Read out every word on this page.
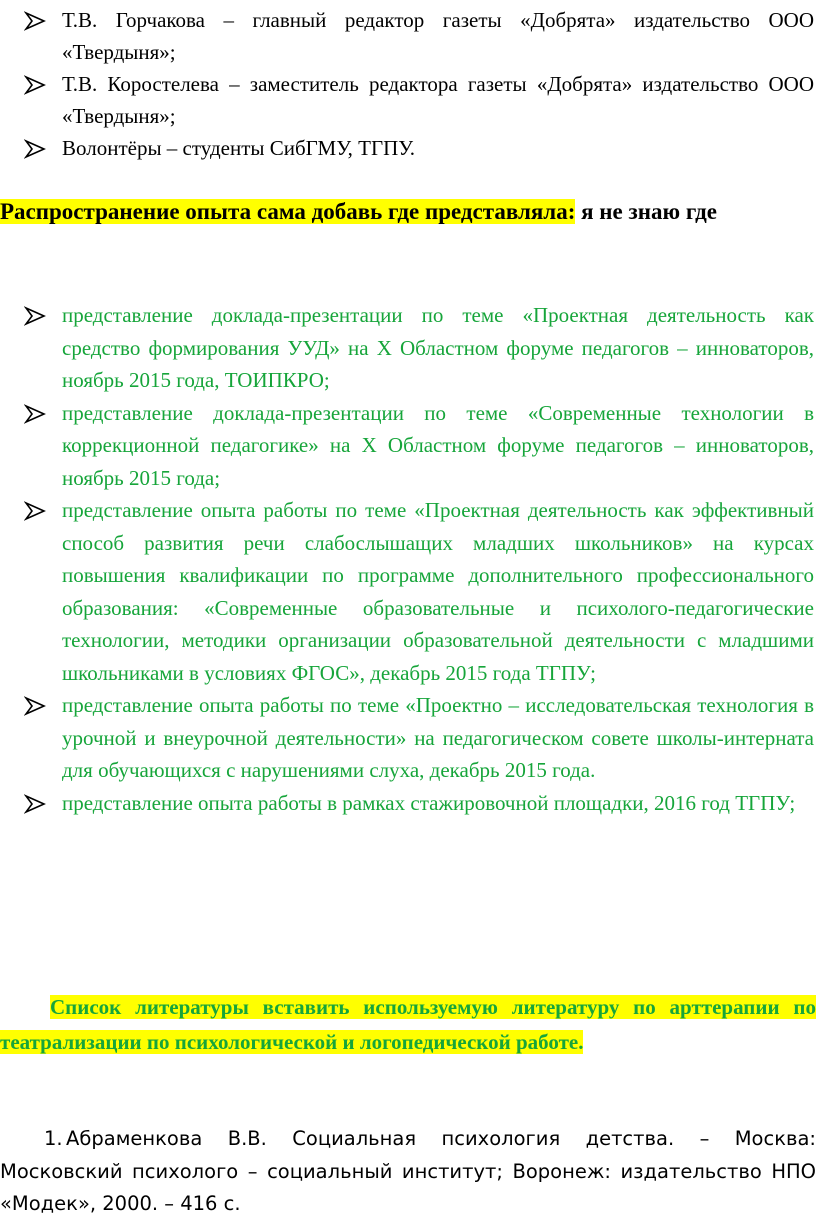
Т.В. Горчакова – главный редактор газеты «Добрята» издательство ООО «Твердыня»;
Т.В. Коростелева – заместитель редактора газеты «Добрята» издательство ООО «Твердыня»;
Волонтёры – студенты СибГМУ, ТГПУ.
Распространение опыта сама добавь где представляла: я не знаю где
представление доклада-презентации по теме «Проектная деятельность как средство формирования УУД» на Х Областном форуме педагогов – инноваторов, ноябрь 2015 года, ТОИПКРО;
представление доклада-презентации по теме «Современные технологии в коррекционной педагогике» на Х Областном форуме педагогов – инноваторов, ноябрь 2015 года;
представление опыта работы по теме «Проектная деятельность как эффективный способ развития речи слабослышащих младших школьников» на курсах повышения квалификации по программе дополнительного профессионального образования: «Современные образовательные и психолого-педагогические технологии, методики организации образовательной деятельности с младшими школьниками в условиях ФГОС», декабрь 2015 года ТГПУ;
представление опыта работы по теме «Проектно – исследовательская технология в урочной и внеурочной деятельности» на педагогическом совете школы-интерната для обучающихся с нарушениями слуха, декабрь 2015 года.
представление опыта работы в рамках стажировочной площадки, 2016 год ТГПУ;
Список литературы вставить используемую литературу по арттерапии по театрализации по психологической и логопедической работе.
1. Абраменкова В.В. Социальная психология детства. – Москва: Московский психолого – социальный институт; Воронеж: издательство НПО «Модек», 2000. – 416 с.
